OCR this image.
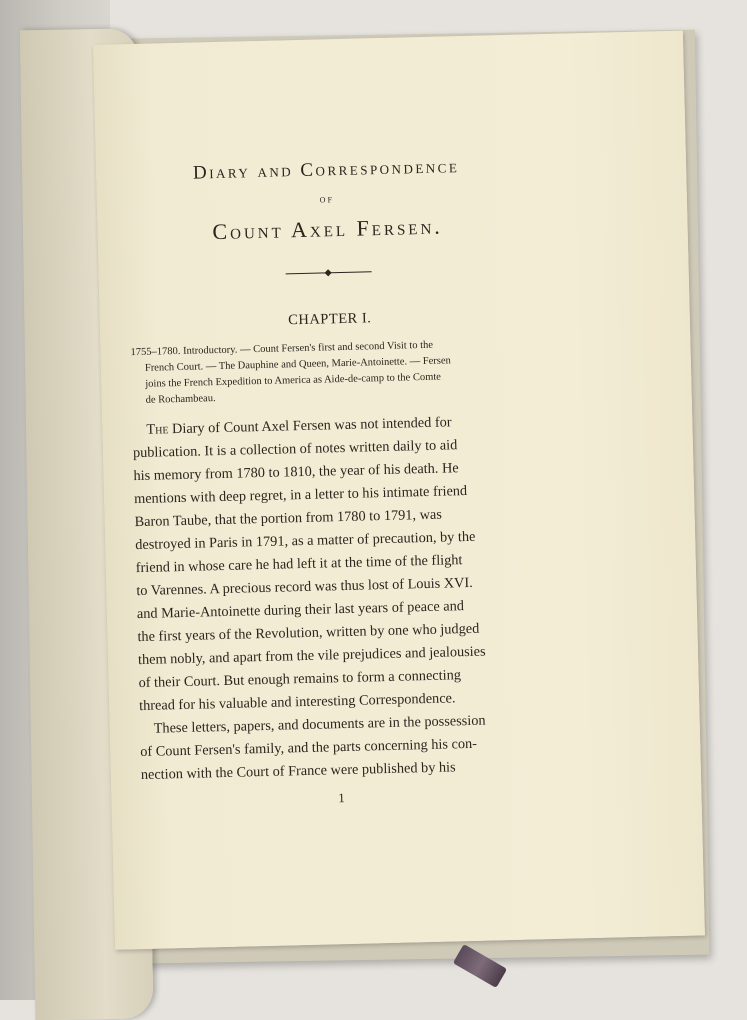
Diary and Correspondence
OF
Count Axel Fersen.
CHAPTER I.
1755–1780. Introductory. — Count Fersen's first and second Visit to the
French Court. — The Dauphine and Queen, Marie-Antoinette. — Fersen
joins the French Expedition to America as Aide-de-camp to the Comte
de Rochambeau.
The Diary of Count Axel Fersen was not intended for
publication. It is a collection of notes written daily to aid
his memory from 1780 to 1810, the year of his death. He
mentions with deep regret, in a letter to his intimate friend
Baron Taube, that the portion from 1780 to 1791, was
destroyed in Paris in 1791, as a matter of precaution, by the
friend in whose care he had left it at the time of the flight
to Varennes. A precious record was thus lost of Louis XVI.
and Marie-Antoinette during their last years of peace and
the first years of the Revolution, written by one who judged
them nobly, and apart from the vile prejudices and jealousies
of their Court. But enough remains to form a connecting
thread for his valuable and interesting Correspondence.
These letters, papers, and documents are in the possession
of Count Fersen's family, and the parts concerning his con-
nection with the Court of France were published by his
1
